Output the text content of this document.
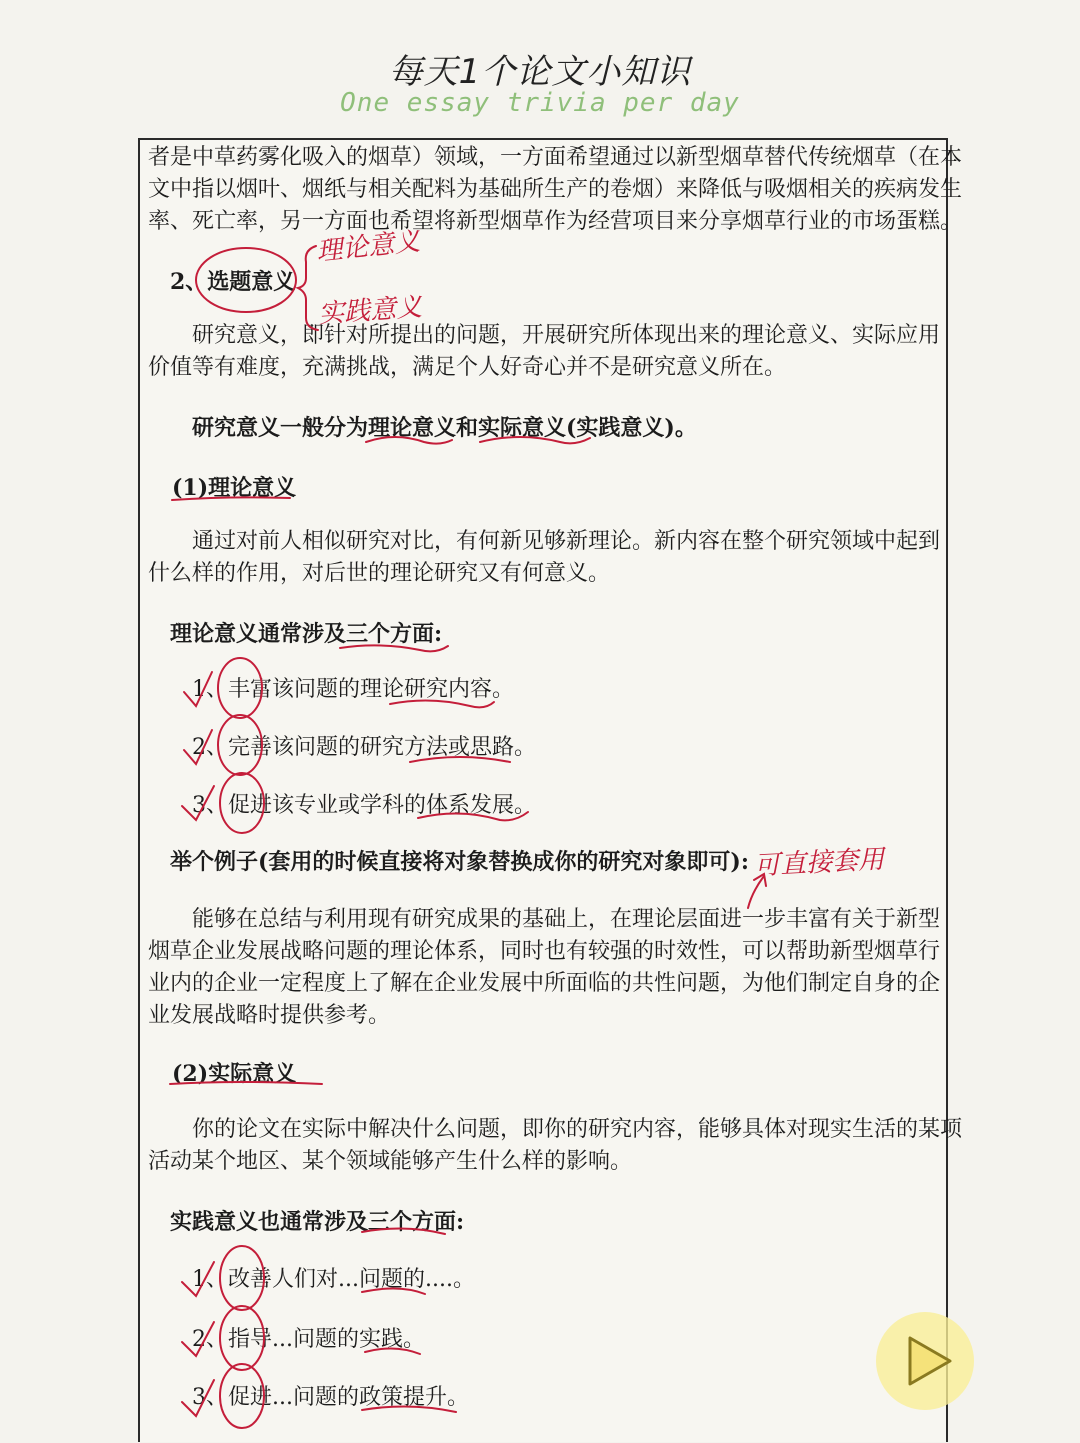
每天1个论文小知识
One essay trivia per day
者是中草药雾化吸入的烟草）领域，一方面希望通过以新型烟草替代传统烟草（在本
文中指以烟叶、烟纸与相关配料为基础所生产的卷烟）来降低与吸烟相关的疾病发生
率、死亡率，另一方面也希望将新型烟草作为经营项目来分享烟草行业的市场蛋糕。
2、选题意义
研究意义，即针对所提出的问题，开展研究所体现出来的理论意义、实际应用
价值等有难度，充满挑战，满足个人好奇心并不是研究意义所在。
研究意义一般分为理论意义和实际意义(实践意义)。
(1)理论意义
通过对前人相似研究对比，有何新见够新理论。新内容在整个研究领域中起到
什么样的作用，对后世的理论研究又有何意义。
理论意义通常涉及三个方面:
1、丰富该问题的理论研究内容。
2、完善该问题的研究方法或思路。
3、促进该专业或学科的体系发展。
举个例子(套用的时候直接将对象替换成你的研究对象即可):
能够在总结与利用现有研究成果的基础上，在理论层面进一步丰富有关于新型
烟草企业发展战略问题的理论体系，同时也有较强的时效性，可以帮助新型烟草行
业内的企业一定程度上了解在企业发展中所面临的共性问题，为他们制定自身的企
业发展战略时提供参考。
(2)实际意义
你的论文在实际中解决什么问题，即你的研究内容，能够具体对现实生活的某项
活动某个地区、某个领域能够产生什么样的影响。
实践意义也通常涉及三个方面:
1、改善人们对...问题的....。
2、指导...问题的实践。
3、促进...问题的政策提升。
理论意义
实践意义
可直接套用
